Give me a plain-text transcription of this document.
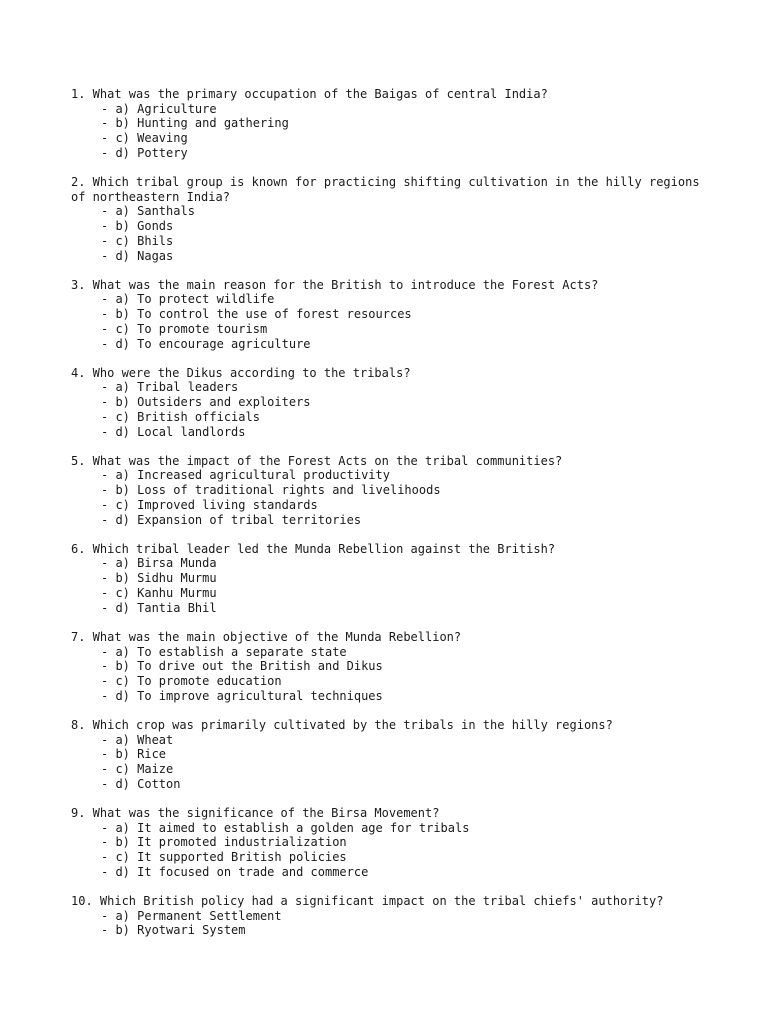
1. What was the primary occupation of the Baigas of central India?

- a) Agriculture
- b) Hunting and gathering
- c) Weaving
- d) Pottery

2. Which tribal group is known for practicing shifting cultivation in the hilly regions of northeastern India?

- a) Santhals
- b) Gonds
- c) Bhils
- d) Nagas

3. What was the main reason for the British to introduce the Forest Acts?

- a) To protect wildlife
- b) To control the use of forest resources
- c) To promote tourism
- d) To encourage agriculture

4. Who were the Dikus according to the tribals?

- a) Tribal leaders
- b) Outsiders and exploiters
- c) British officials
- d) Local landlords

5. What was the impact of the Forest Acts on the tribal communities?

- a) Increased agricultural productivity
- b) Loss of traditional rights and livelihoods
- c) Improved living standards
- d) Expansion of tribal territories

6. Which tribal leader led the Munda Rebellion against the British?

- a) Birsa Munda
- b) Sidhu Murmu
- c) Kanhu Murmu
- d) Tantia Bhil

7. What was the main objective of the Munda Rebellion?

- a) To establish a separate state
- b) To drive out the British and Dikus
- c) To promote education
- d) To improve agricultural techniques

8. Which crop was primarily cultivated by the tribals in the hilly regions?

- a) Wheat
- b) Rice
- c) Maize
- d) Cotton

9. What was the significance of the Birsa Movement?

- a) It aimed to establish a golden age for tribals
- b) It promoted industrialization
- c) It supported British policies
- d) It focused on trade and commerce

10. Which British policy had a significant impact on the tribal chiefs' authority?

- a) Permanent Settlement
- b) Ryotwari System
